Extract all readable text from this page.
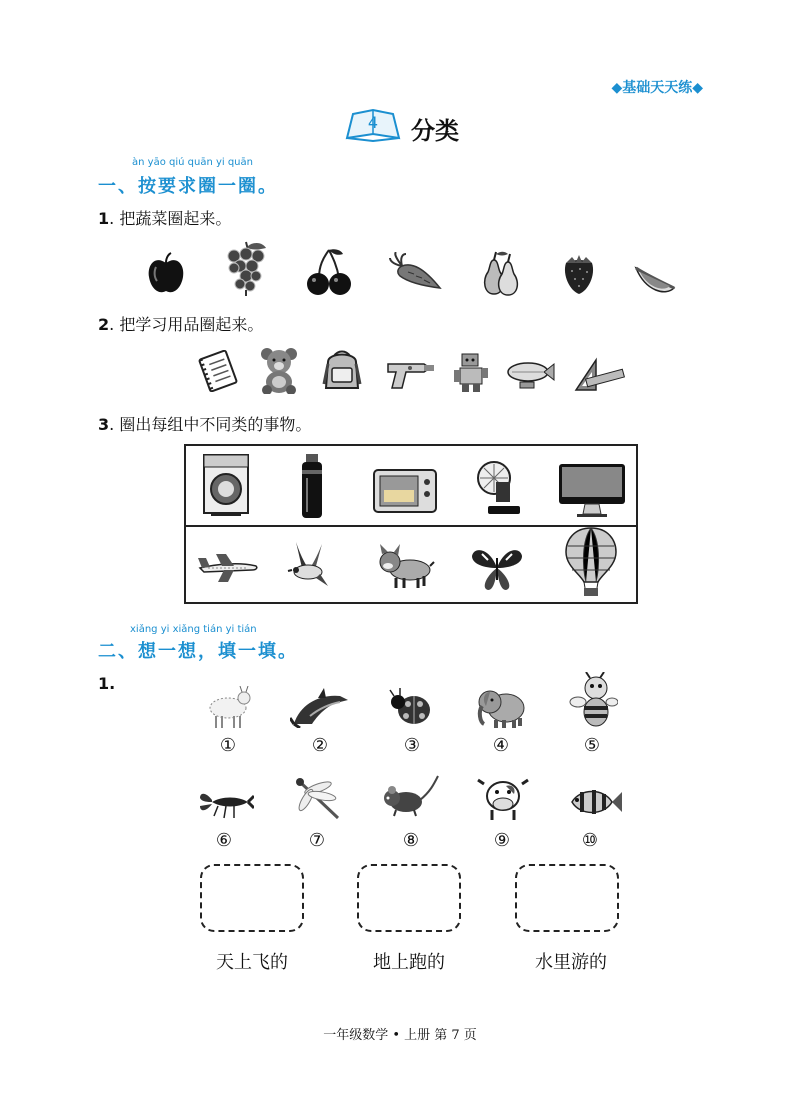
◆基础天天练◆
4	分类
àn yāo qiú quān yi quān
一、按要求圈一圈。
1. 把蔬菜圈起来。
2. 把学习用品圈起来。
3. 圈出每组中不同类的事物。
xiǎng yi xiǎng tián yi tián
二、想一想，填一填。
1.
①	②	③	④	⑤
⑥	⑦	⑧	⑨	⑩
天上飞的	地上跑的	水里游的
一年级数学 • 上册 第 7 页
